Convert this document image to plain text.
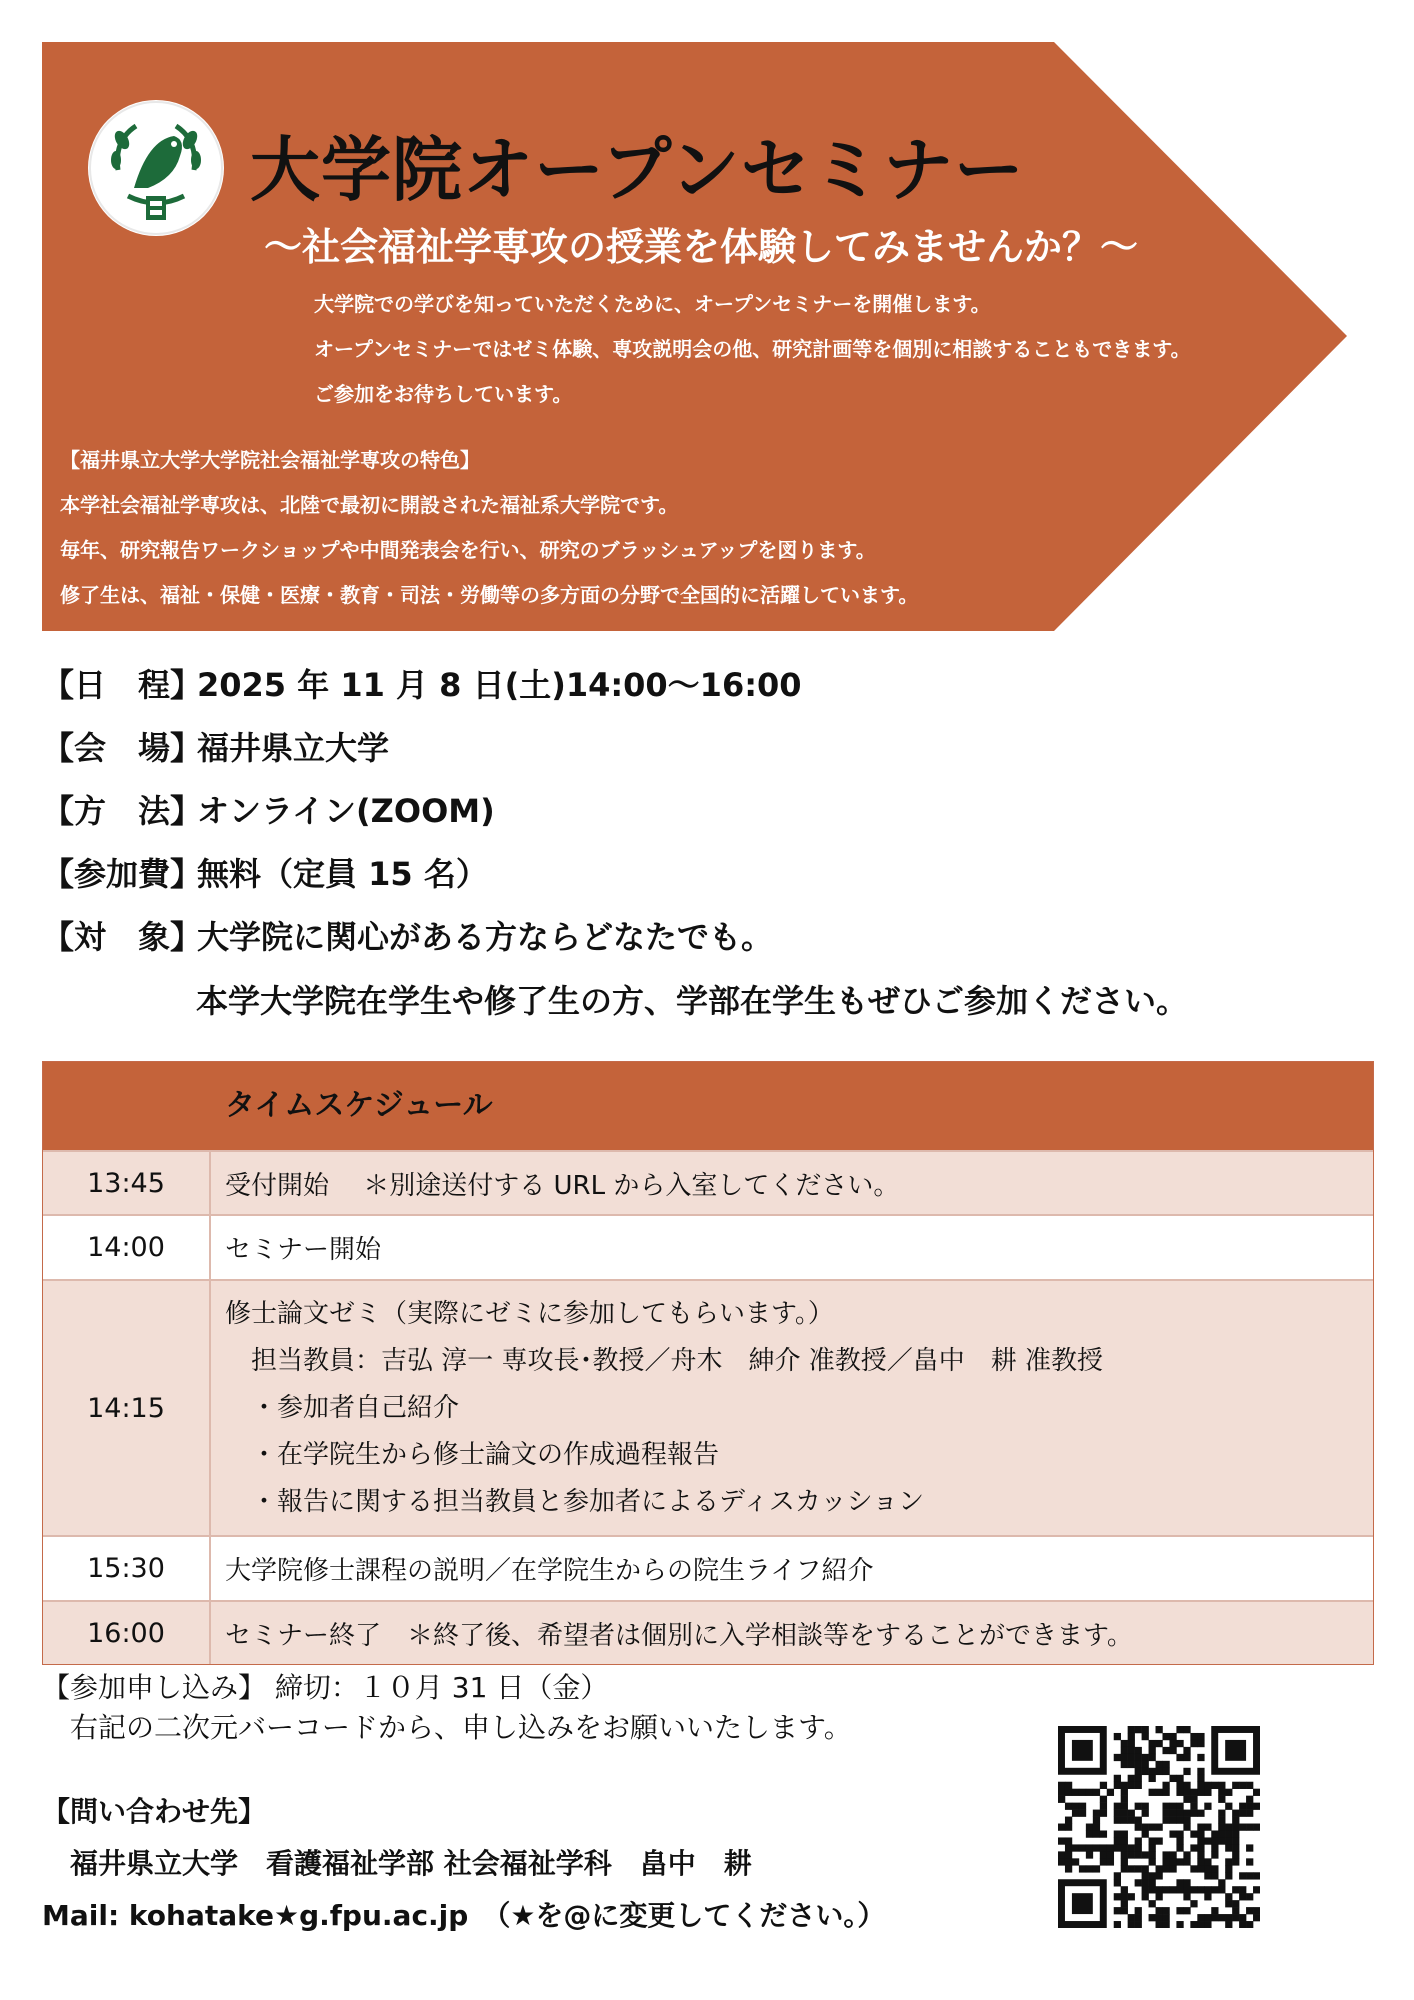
大学院オープンセミナー
～社会福祉学専攻の授業を体験してみませんか？～
大学院での学びを知っていただくために、オープンセミナーを開催します。
オープンセミナーではゼミ体験、専攻説明会の他、研究計画等を個別に相談することもできます。
ご参加をお待ちしています。
【福井県立大学大学院社会福祉学専攻の特色】
本学社会福祉学専攻は、北陸で最初に開設された福祉系大学院です。
毎年、研究報告ワークショップや中間発表会を行い、研究のブラッシュアップを図ります。
修了生は、福祉・保健・医療・教育・司法・労働等の多方面の分野で全国的に活躍しています。
【日　程】
2025 年 11 月 8 日(土)14:00～16:00
【会　場】
福井県立大学
【方　法】
オンライン(ZOOM)
【参加費】
無料（定員 15 名）
【対　象】
大学院に関心がある方ならどなたでも。
本学大学院在学生や修了生の方、学部在学生もぜひご参加ください。
タイムスケジュール
13:45	受付開始　 ＊別途送付する URL から入室してください。
14:00	セミナー開始
14:15
修士論文ゼミ（実際にゼミに参加してもらいます。）
　担当教員：吉弘 淳一 専攻長･教授／舟木　紳介 准教授／畠中　耕 准教授
　・参加者自己紹介
　・在学院生から修士論文の作成過程報告
　・報告に関する担当教員と参加者によるディスカッション
15:30	大学院修士課程の説明／在学院生からの院生ライフ紹介
16:00	セミナー終了　＊終了後、希望者は個別に入学相談等をすることができます。
【参加申し込み】 締切：１０月 31 日（金）
　右記の二次元バーコードから、申し込みをお願いいたします。
【問い合わせ先】
　福井県立大学　看護福祉学部 社会福祉学科　畠中　耕
Mail: kohatake★g.fpu.ac.jp　（★を@に変更してください。）
